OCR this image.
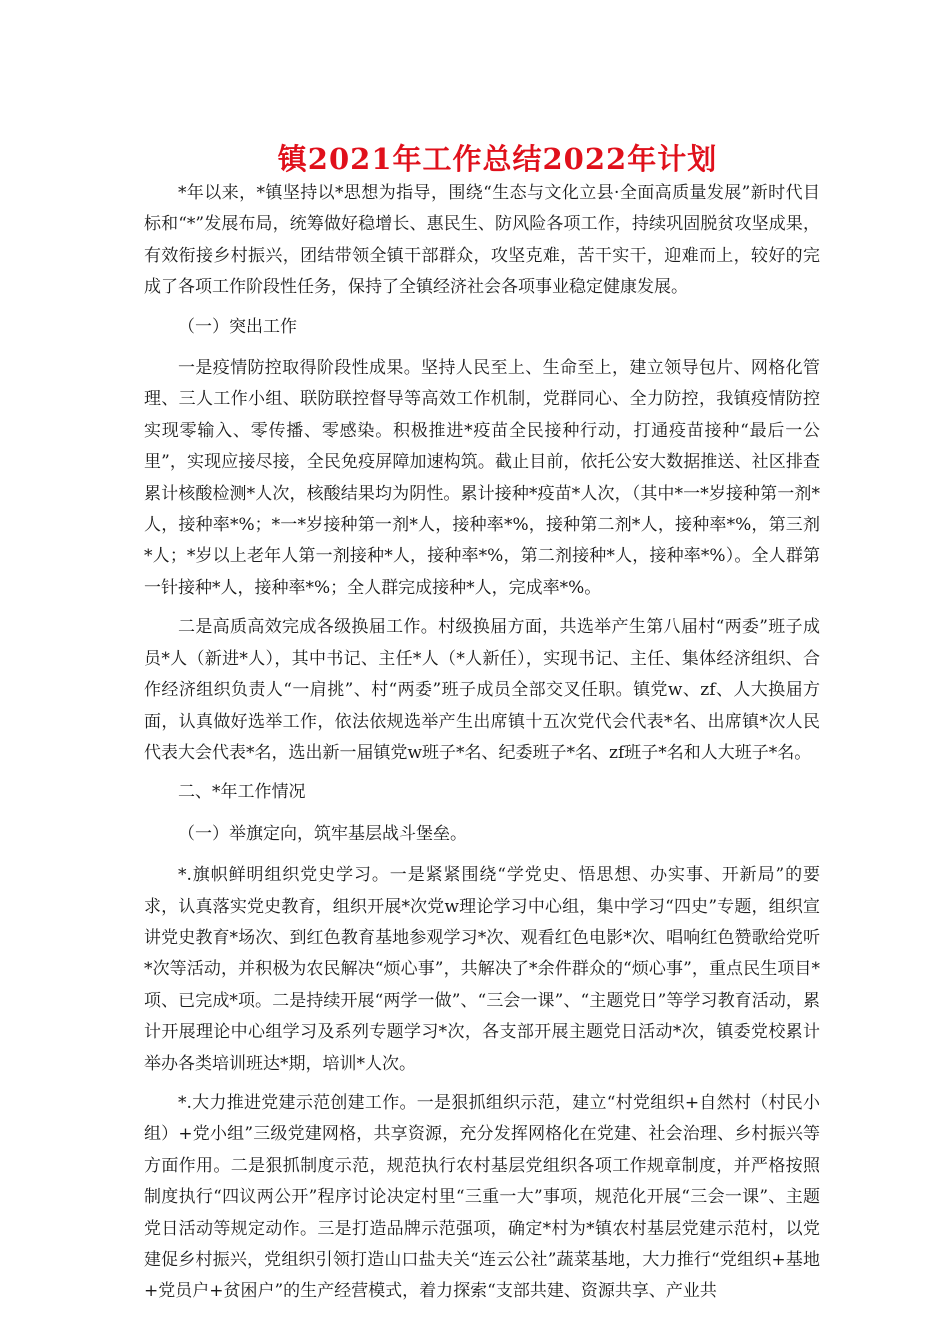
镇2021年工作总结2022年计划

*年以来，*镇坚持以*思想为指导，围绕“生态与文化立县·全面高质量发展”新时代目标和“*”发展布局，统筹做好稳增长、惠民生、防风险各项工作，持续巩固脱贫攻坚成果，有效衔接乡村振兴，团结带领全镇干部群众，攻坚克难，苦干实干，迎难而上，较好的完成了各项工作阶段性任务，保持了全镇经济社会各项事业稳定健康发展。

（一）突出工作

一是疫情防控取得阶段性成果。坚持人民至上、生命至上，建立领导包片、网格化管理、三人工作小组、联防联控督导等高效工作机制，党群同心、全力防控，我镇疫情防控实现零输入、零传播、零感染。积极推进*疫苗全民接种行动，打通疫苗接种“最后一公里”，实现应接尽接，全民免疫屏障加速构筑。截止目前，依托公安大数据推送、社区排查累计核酸检测*人次，核酸结果均为阴性。累计接种*疫苗*人次，（其中*一*岁接种第一剂*人，接种率*%；*一*岁接种第一剂*人，接种率*%，接种第二剂*人，接种率*%，第三剂*人；*岁以上老年人第一剂接种*人，接种率*%，第二剂接种*人，接种率*%）。全人群第一针接种*人，接种率*%；全人群完成接种*人，完成率*%。

二是高质高效完成各级换届工作。村级换届方面，共选举产生第八届村“两委”班子成员*人（新进*人），其中书记、主任*人（*人新任），实现书记、主任、集体经济组织、合作经济组织负责人“一肩挑”、村“两委”班子成员全部交叉任职。镇党w、zf、人大换届方面，认真做好选举工作，依法依规选举产生出席镇十五次党代会代表*名、出席镇*次人民代表大会代表*名，选出新一届镇党w班子*名、纪委班子*名、zf班子*名和人大班子*名。

二、*年工作情况

（一）举旗定向，筑牢基层战斗堡垒。

*.旗帜鲜明组织党史学习。一是紧紧围绕“学党史、悟思想、办实事、开新局”的要求，认真落实党史教育，组织开展*次党w理论学习中心组，集中学习“四史”专题，组织宣讲党史教育*场次、到红色教育基地参观学习*次、观看红色电影*次、唱响红色赞歌给党听*次等活动，并积极为农民解决“烦心事”，共解决了*余件群众的“烦心事”，重点民生项目*项、已完成*项。二是持续开展“两学一做”、“三会一课”、“主题党日”等学习教育活动，累计开展理论中心组学习及系列专题学习*次，各支部开展主题党日活动*次，镇委党校累计举办各类培训班达*期，培训*人次。

*.大力推进党建示范创建工作。一是狠抓组织示范，建立“村党组织+自然村（村民小组）+党小组”三级党建网格，共享资源，充分发挥网格化在党建、社会治理、乡村振兴等方面作用。二是狠抓制度示范，规范执行农村基层党组织各项工作规章制度，并严格按照制度执行“四议两公开”程序讨论决定村里“三重一大”事项，规范化开展“三会一课”、主题党日活动等规定动作。三是打造品牌示范强项，确定*村为*镇农村基层党建示范村，以党建促乡村振兴，党组织引领打造山口盐夫关“连云公社”蔬菜基地，大力推行“党组织+基地+党员户+贫困户”的生产经营模式，着力探索“支部共建、资源共享、产业共
